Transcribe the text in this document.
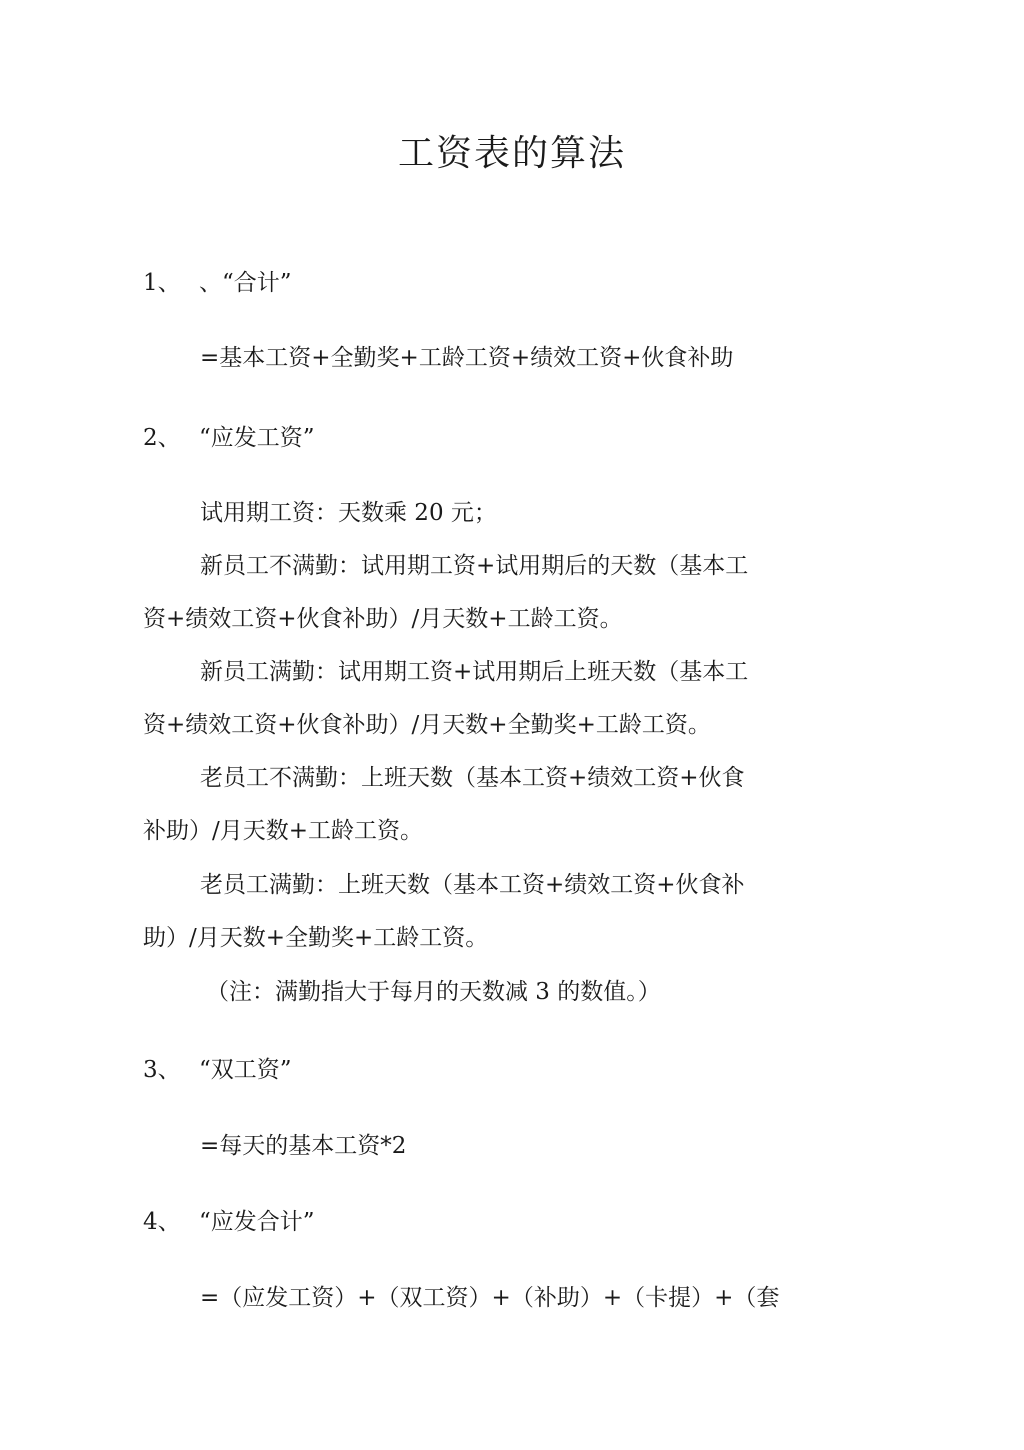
工资表的算法
1、 、“合计”
=基本工资+全勤奖+工龄工资+绩效工资+伙食补助
2、 “应发工资”
试用期工资：天数乘 20 元；
新员工不满勤：试用期工资+试用期后的天数（基本工
资+绩效工资+伙食补助）/月天数+工龄工资。
新员工满勤：试用期工资+试用期后上班天数（基本工
资+绩效工资+伙食补助）/月天数+全勤奖+工龄工资。
老员工不满勤：上班天数（基本工资+绩效工资+伙食
补助）/月天数+工龄工资。
老员工满勤：上班天数（基本工资+绩效工资+伙食补
助）/月天数+全勤奖+工龄工资。
（注：满勤指大于每月的天数减 3 的数值。）
3、 “双工资”
=每天的基本工资*2
4、 “应发合计”
=（应发工资）+（双工资）+（补助）+（卡提）+（套
